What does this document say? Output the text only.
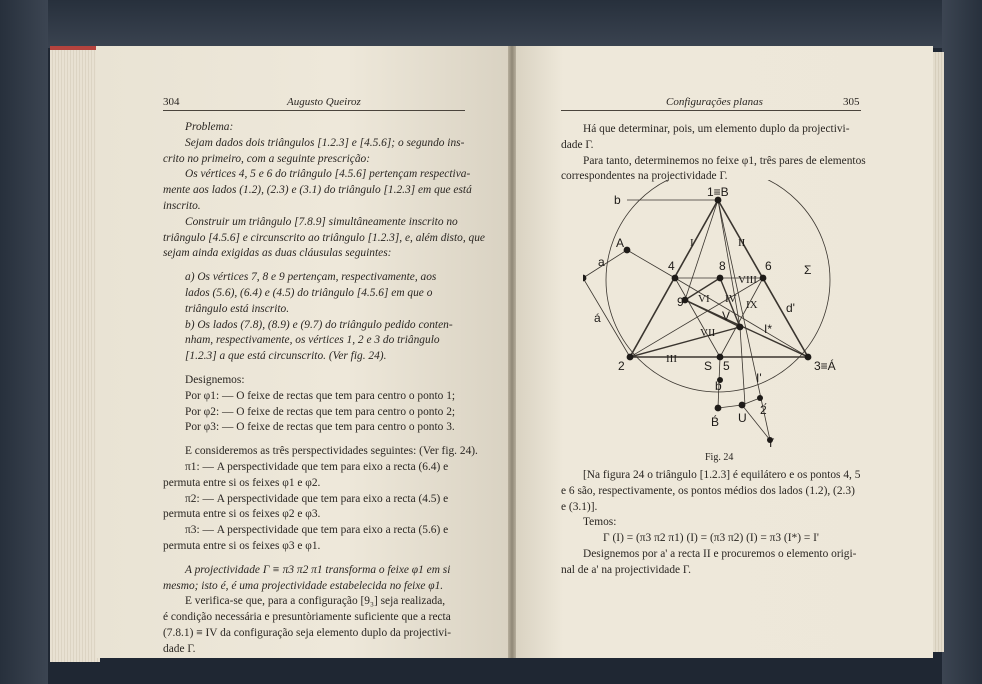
304	Augusto Queiroz
Problema:
Sejam dados dois triângulos [1.2.3] e [4.5.6]; o segundo ins-
crito no primeiro, com a seguinte prescrição:
Os vértices 4, 5 e 6 do triângulo [4.5.6] pertençam respectiva-
mente aos lados (1.2), (2.3) e (3.1) do triângulo [1.2.3] em que está
inscrito.
Construir um triângulo [7.8.9] simultâneamente inscrito no
triângulo [4.5.6] e circunscrito ao triângulo [1.2.3], e, além disto, que
sejam ainda exigidas as duas cláusulas seguintes:
a) Os vértices 7, 8 e 9 pertençam, respectivamente, aos
lados (5.6), (6.4) e (4.5) do triângulo [4.5.6] em que o
triângulo está inscrito.
b) Os lados (7.8), (8.9) e (9.7) do triângulo pedido conten-
nham, respectivamente, os vértices 1, 2 e 3 do triângulo
[1.2.3] a que está circunscrito. (Ver fig. 24).
Designemos:
Por φ1: — O feixe de rectas que tem para centro o ponto 1;
Por φ2: — O feixe de rectas que tem para centro o ponto 2;
Por φ3: — O feixe de rectas que tem para centro o ponto 3.
E consideremos as três perspectividades seguintes: (Ver fig. 24).
π1: — A perspectividade que tem para eixo a recta (6.4) e
permuta entre si os feixes φ1 e φ2.
π2: — A perspectividade que tem para eixo a recta (4.5) e
permuta entre si os feixes φ2 e φ3.
π3: — A perspectividade que tem para eixo a recta (5.6) e
permuta entre si os feixes φ3 e φ1.
A projectividade Γ ≡ π3 π2 π1 transforma o feixe φ1 em si
mesmo; isto é, é uma projectividade estabelecida no feixe φ1.
E verifica-se que, para a configuração [9₃] seja realizada,
é condição necessária e presuntòriamente suficiente que a recta
(7.8.1) ≡ IV da configuração seja elemento duplo da projectivi-
dade Γ.
Configurações planas	305
Há que determinar, pois, um elemento duplo da projectivi-
dade Γ.
Para tanto, determinemos no feixe φ1, três pares de elementos
correspondentes na projectividade Γ.
b
1≡B
A
a
á
4	8	6	Σ
9
V
d'
I*
2	S 5	3≡Á
I'
b́
U
2́
B́
T
I	II
III
IV
VI
VII
VIII
IX
Fig. 24
[Na figura 24 o triângulo [1.2.3] é equilátero e os pontos 4, 5
e 6 são, respectivamente, os pontos médios dos lados (1.2), (2.3)
e (3.1)].
Temos:
Γ (I) = (π3 π2 π1) (I) = (π3 π2) (I) = π3 (I*) = I'
Designemos por a' a recta II e procuremos o elemento origi-
nal de a' na projectividade Γ.
